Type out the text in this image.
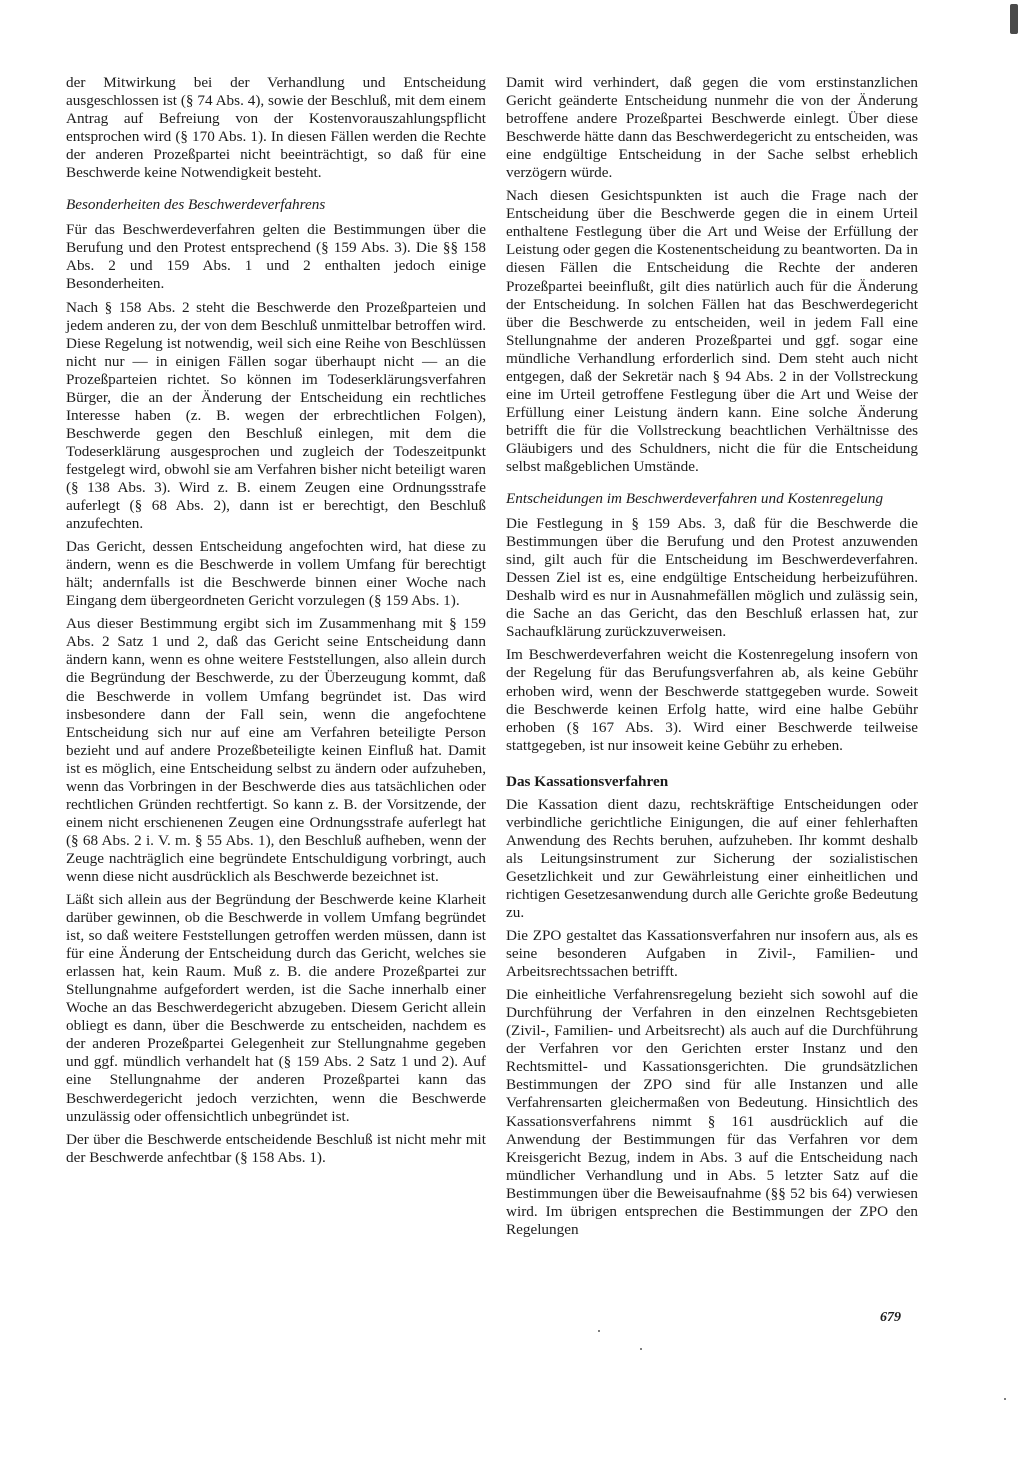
der Mitwirkung bei der Verhandlung und Entscheidung ausgeschlossen ist (§ 74 Abs. 4), sowie der Beschluß, mit dem einem Antrag auf Befreiung von der Kostenvorauszahlungspflicht entsprochen wird (§ 170 Abs. 1). In diesen Fällen werden die Rechte der anderen Prozeßpartei nicht beeinträchtigt, so daß für eine Beschwerde keine Notwendigkeit besteht.

Besonderheiten des Beschwerdeverfahrens

Für das Beschwerdeverfahren gelten die Bestimmungen über die Berufung und den Protest entsprechend (§ 159 Abs. 3). Die §§ 158 Abs. 2 und 159 Abs. 1 und 2 enthalten jedoch einige Besonderheiten.

Nach § 158 Abs. 2 steht die Beschwerde den Prozeßparteien und jedem anderen zu, der von dem Beschluß unmittelbar betroffen wird. Diese Regelung ist notwendig, weil sich eine Reihe von Beschlüssen nicht nur — in einigen Fällen sogar überhaupt nicht — an die Prozeßparteien richtet. So können im Todeserklärungsverfahren Bürger, die an der Änderung der Entscheidung ein rechtliches Interesse haben (z. B. wegen der erbrechtlichen Folgen), Beschwerde gegen den Beschluß einlegen, mit dem die Todeserklärung ausgesprochen und zugleich der Todeszeitpunkt festgelegt wird, obwohl sie am Verfahren bisher nicht beteiligt waren (§ 138 Abs. 3). Wird z. B. einem Zeugen eine Ordnungsstrafe auferlegt (§ 68 Abs. 2), dann ist er berechtigt, den Beschluß anzufechten.

Das Gericht, dessen Entscheidung angefochten wird, hat diese zu ändern, wenn es die Beschwerde in vollem Umfang für berechtigt hält; andernfalls ist die Beschwerde binnen einer Woche nach Eingang dem übergeordneten Gericht vorzulegen (§ 159 Abs. 1).

Aus dieser Bestimmung ergibt sich im Zusammenhang mit § 159 Abs. 2 Satz 1 und 2, daß das Gericht seine Entscheidung dann ändern kann, wenn es ohne weitere Feststellungen, also allein durch die Begründung der Beschwerde, zu der Überzeugung kommt, daß die Beschwerde in vollem Umfang begründet ist. Das wird insbesondere dann der Fall sein, wenn die angefochtene Entscheidung sich nur auf eine am Verfahren beteiligte Person bezieht und auf andere Prozeßbeteiligte keinen Einfluß hat. Damit ist es möglich, eine Entscheidung selbst zu ändern oder aufzuheben, wenn das Vorbringen in der Beschwerde dies aus tatsächlichen oder rechtlichen Gründen rechtfertigt. So kann z. B. der Vorsitzende, der einem nicht erschienenen Zeugen eine Ordnungsstrafe auferlegt hat (§ 68 Abs. 2 i. V. m. § 55 Abs. 1), den Beschluß aufheben, wenn der Zeuge nachträglich eine begründete Entschuldigung vorbringt, auch wenn diese nicht ausdrücklich als Beschwerde bezeichnet ist.

Läßt sich allein aus der Begründung der Beschwerde keine Klarheit darüber gewinnen, ob die Beschwerde in vollem Umfang begründet ist, so daß weitere Feststellungen getroffen werden müssen, dann ist für eine Änderung der Entscheidung durch das Gericht, welches sie erlassen hat, kein Raum. Muß z. B. die andere Prozeßpartei zur Stellungnahme aufgefordert werden, ist die Sache innerhalb einer Woche an das Beschwerdegericht abzugeben. Diesem Gericht allein obliegt es dann, über die Beschwerde zu entscheiden, nachdem es der anderen Prozeßpartei Gelegenheit zur Stellungnahme gegeben und ggf. mündlich verhandelt hat (§ 159 Abs. 2 Satz 1 und 2). Auf eine Stellungnahme der anderen Prozeßpartei kann das Beschwerdegericht jedoch verzichten, wenn die Beschwerde unzulässig oder offensichtlich unbegründet ist.

Der über die Beschwerde entscheidende Beschluß ist nicht mehr mit der Beschwerde anfechtbar (§ 158 Abs. 1).

Damit wird verhindert, daß gegen die vom erstinstanzlichen Gericht geänderte Entscheidung nunmehr die von der Änderung betroffene andere Prozeßpartei Beschwerde einlegt. Über diese Beschwerde hätte dann das Beschwerdegericht zu entscheiden, was eine endgültige Entscheidung in der Sache selbst erheblich verzögern würde.

Nach diesen Gesichtspunkten ist auch die Frage nach der Entscheidung über die Beschwerde gegen die in einem Urteil enthaltene Festlegung über die Art und Weise der Erfüllung der Leistung oder gegen die Kostenentscheidung zu beantworten. Da in diesen Fällen die Entscheidung die Rechte der anderen Prozeßpartei beeinflußt, gilt dies natürlich auch für die Änderung der Entscheidung. In solchen Fällen hat das Beschwerdegericht über die Beschwerde zu entscheiden, weil in jedem Fall eine Stellungnahme der anderen Prozeßpartei und ggf. sogar eine mündliche Verhandlung erforderlich sind. Dem steht auch nicht entgegen, daß der Sekretär nach § 94 Abs. 2 in der Vollstreckung eine im Urteil getroffene Festlegung über die Art und Weise der Erfüllung einer Leistung ändern kann. Eine solche Änderung betrifft die für die Vollstreckung beachtlichen Verhältnisse des Gläubigers und des Schuldners, nicht die für die Entscheidung selbst maßgeblichen Umstände.

Entscheidungen im Beschwerdeverfahren und Kostenregelung

Die Festlegung in § 159 Abs. 3, daß für die Beschwerde die Bestimmungen über die Berufung und den Protest anzuwenden sind, gilt auch für die Entscheidung im Beschwerdeverfahren. Dessen Ziel ist es, eine endgültige Entscheidung herbeizuführen. Deshalb wird es nur in Ausnahmefällen möglich und zulässig sein, die Sache an das Gericht, das den Beschluß erlassen hat, zur Sachaufklärung zurückzuverweisen.

Im Beschwerdeverfahren weicht die Kostenregelung insofern von der Regelung für das Berufungsverfahren ab, als keine Gebühr erhoben wird, wenn der Beschwerde stattgegeben wurde. Soweit die Beschwerde keinen Erfolg hatte, wird eine halbe Gebühr erhoben (§ 167 Abs. 3). Wird einer Beschwerde teilweise stattgegeben, ist nur insoweit keine Gebühr zu erheben.

Das Kassationsverfahren

Die Kassation dient dazu, rechtskräftige Entscheidungen oder verbindliche gerichtliche Einigungen, die auf einer fehlerhaften Anwendung des Rechts beruhen, aufzuheben. Ihr kommt deshalb als Leitungsinstrument zur Sicherung der sozialistischen Gesetzlichkeit und zur Gewährleistung einer einheitlichen und richtigen Gesetzesanwendung durch alle Gerichte große Bedeutung zu.

Die ZPO gestaltet das Kassationsverfahren nur insofern aus, als es seine besonderen Aufgaben in Zivil-, Familien- und Arbeitsrechtssachen betrifft.

Die einheitliche Verfahrensregelung bezieht sich sowohl auf die Durchführung der Verfahren in den einzelnen Rechtsgebieten (Zivil-, Familien- und Arbeitsrecht) als auch auf die Durchführung der Verfahren vor den Gerichten erster Instanz und den Rechtsmittel- und Kassationsgerichten. Die grundsätzlichen Bestimmungen der ZPO sind für alle Instanzen und alle Verfahrensarten gleichermaßen von Bedeutung. Hinsichtlich des Kassationsverfahrens nimmt § 161 ausdrücklich auf die Anwendung der Bestimmungen für das Verfahren vor dem Kreisgericht Bezug, indem in Abs. 3 auf die Entscheidung nach mündlicher Verhandlung und in Abs. 5 letzter Satz auf die Bestimmungen über die Beweisaufnahme (§§ 52 bis 64) verwiesen wird. Im übrigen entsprechen die Bestimmungen der ZPO den Regelungen

679
